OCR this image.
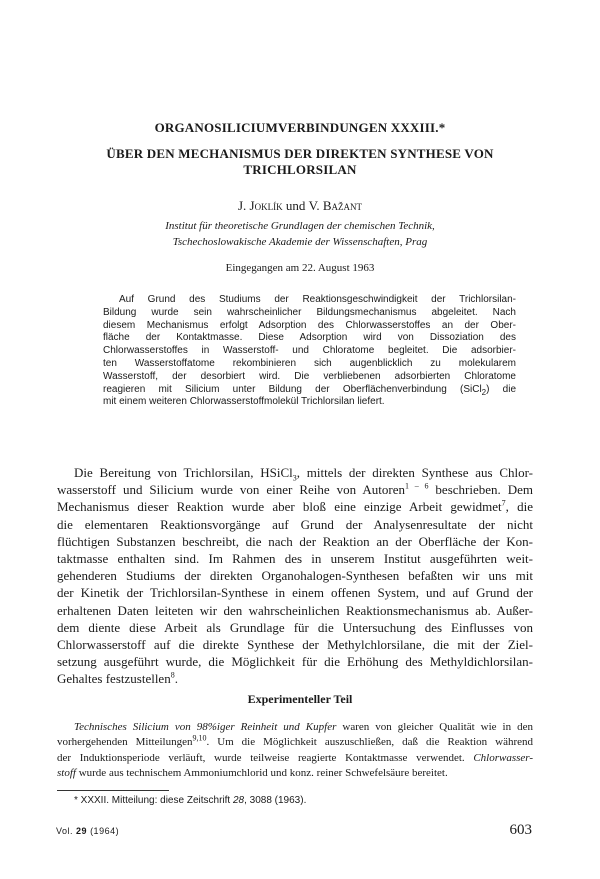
ORGANOSILICIUMVERBINDUNGEN XXXIII.*
ÜBER DEN MECHANISMUS DER DIREKTEN SYNTHESE VON
TRICHLORSILAN
J. Joklík und V. Bažant
Institut für theoretische Grundlagen der chemischen Technik,
Tschechoslowakische Akademie der Wissenschaften, Prag
Eingegangen am 22. August 1963
Auf Grund des Studiums der Reaktionsgeschwindigkeit der Trichlorsilan-
Bildung wurde sein wahrscheinlicher Bildungsmechanismus abgeleitet. Nach
diesem Mechanismus erfolgt Adsorption des Chlorwasserstoffes an der Ober-
fläche der Kontaktmasse. Diese Adsorption wird von Dissoziation des
Chlorwasserstoffes in Wasserstoff- und Chloratome begleitet. Die adsorbier-
ten Wasserstoffatome rekombinieren sich augenblicklich zu molekularem
Wasserstoff, der desorbiert wird. Die verbliebenen adsorbierten Chloratome
reagieren mit Silicium unter Bildung der Oberflächenverbindung (SiCl$_2$) die
mit einem weiteren Chlorwasserstoffmolekül Trichlorsilan liefert.
Die Bereitung von Trichlorsilan, HSiCl$_3$, mittels der direkten Synthese aus Chlor-
wasserstoff und Silicium wurde von einer Reihe von Autoren$^{1 - 6}$ beschrieben. Dem
Mechanismus dieser Reaktion wurde aber bloß eine einzige Arbeit gewidmet$^7$, die
die elementaren Reaktionsvorgänge auf Grund der Analysenresultate der nicht
flüchtigen Substanzen beschreibt, die nach der Reaktion an der Oberfläche der Kon-
taktmasse enthalten sind. Im Rahmen des in unserem Institut ausgeführten weit-
gehenderen Studiums der direkten Organohalogen-Synthesen befaßten wir uns mit
der Kinetik der Trichlorsilan-Synthese in einem offenen System, und auf Grund der
erhaltenen Daten leiteten wir den wahrscheinlichen Reaktionsmechanismus ab. Außer-
dem diente diese Arbeit als Grundlage für die Untersuchung des Einflusses von
Chlorwasserstoff auf die direkte Synthese der Methylchlorsilane, die mit der Ziel-
setzung ausgeführt wurde, die Möglichkeit für die Erhöhung des Methyldichlorsilan-
Gehaltes festzustellen$^8$.
Experimenteller Teil
Technisches Silicium von 98%iger Reinheit und Kupfer waren von gleicher Qualität wie in den
vorhergehenden Mitteilungen$^{9,10}$. Um die Möglichkeit auszuschließen, daß die Reaktion während
der Induktionsperiode verläuft, wurde teilweise reagierte Kontaktmasse verwendet. Chlorwasser-
stoff wurde aus technischem Ammoniumchlorid und konz. reiner Schwefelsäure bereitet.
* XXXII. Mitteilung: diese Zeitschrift 28, 3088 (1963).
Vol. 29 (1964)	603
